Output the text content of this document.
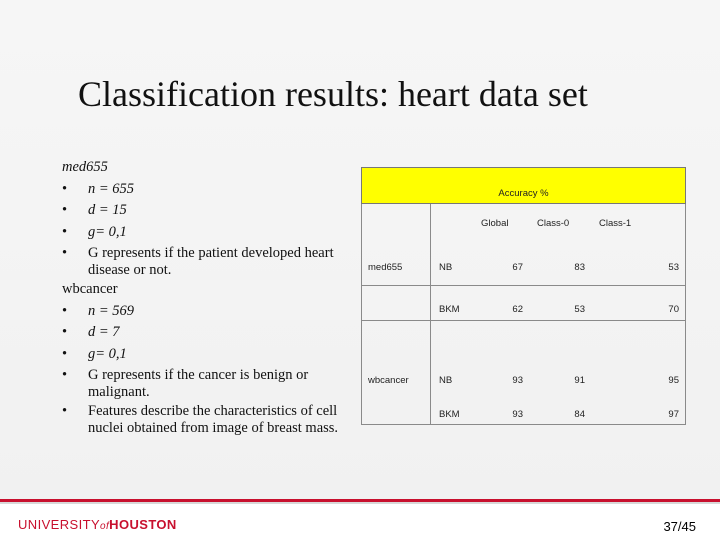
Classification results: heart data set
med655
•	n = 655
•	d = 15
•	g= 0,1
•	G represents if the patient developed heart disease or not.
wbcancer
•	n = 569
•	d = 7
•	g= 0,1
•	G represents if the cancer is benign or malignant.
•	Features describe the characteristics of cell nuclei obtained from image of breast mass.
Accuracy %
Global	Class-0	Class-1
med655	NB	67	83	53
BKM	62	53	70
wbcancer	NB	93	91	95
BKM	93	84	97
UNIVERSITYofHOUSTON	37/45
